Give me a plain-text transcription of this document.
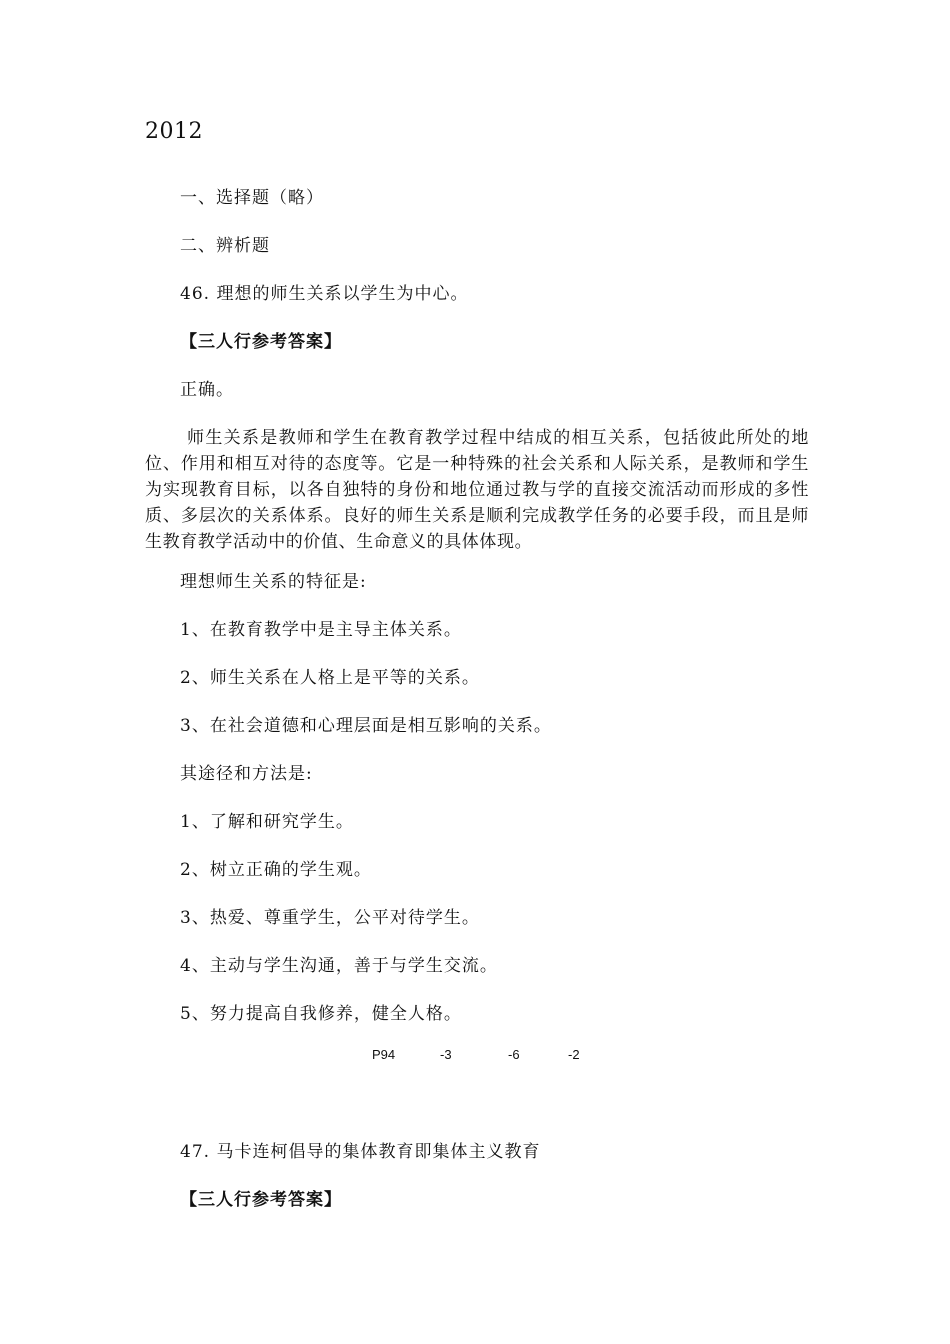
2012
一、选择题（略）
二、辨析题
46. 理想的师生关系以学生为中心。
【三人行参考答案】
正确。
师生关系是教师和学生在教育教学过程中结成的相互关系，包括彼此所处的地位、作用和相互对待的态度等。它是一种特殊的社会关系和人际关系，是教师和学生为实现教育目标，以各自独特的身份和地位通过教与学的直接交流活动而形成的多性质、多层次的关系体系。良好的师生关系是顺利完成教学任务的必要手段，而且是师生教育教学活动中的价值、生命意义的具体体现。
理想师生关系的特征是:
1、在教育教学中是主导主体关系。
2、师生关系在人格上是平等的关系。
3、在社会道德和心理层面是相互影响的关系。
其途径和方法是:
1、了解和研究学生。
2、树立正确的学生观。
3、热爱、尊重学生，公平对待学生。
4、主动与学生沟通，善于与学生交流。
5、努力提高自我修养，健全人格。
P94	-3	-6	-2
47. 马卡连柯倡导的集体教育即集体主义教育
【三人行参考答案】
